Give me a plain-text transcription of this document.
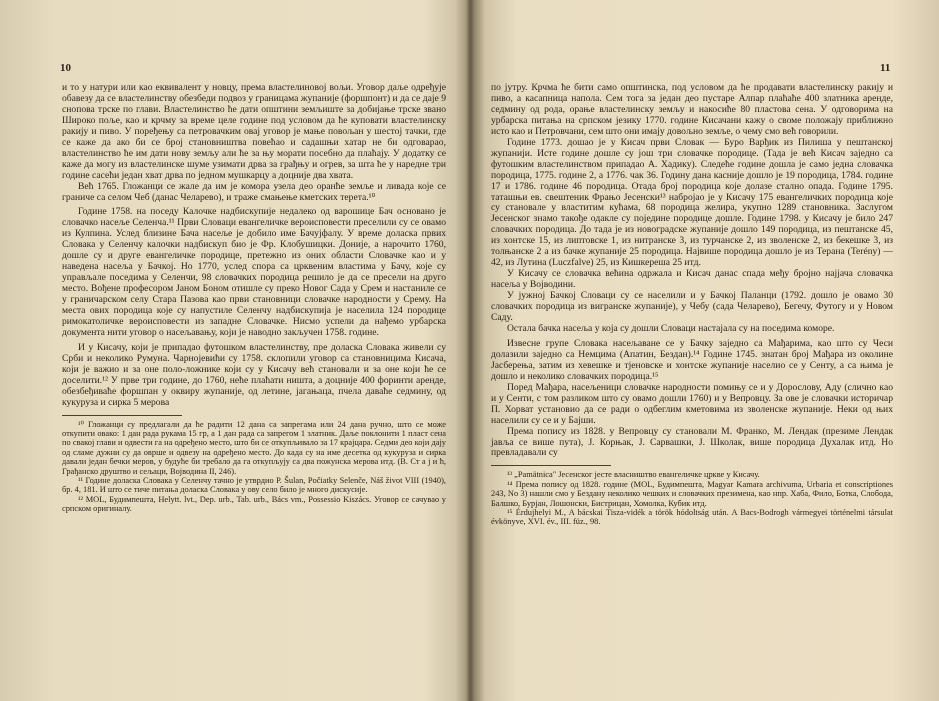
10

и то у натури или као еквивалент у новцу, према властелиновој вољи. Уговор даље одређује обавезу да се властелинству обезбеди подвоз у границама жупаније (форшпонт) и да се даје 9 снопова трске по глави. Властелинство ће дати општини земљиште за добијање трске звано Широко поље, као и крчму за време целе године под условом да ће куповати властелинску ракију и пиво. У поређењу са петровачким овај уговор је мање повољан у шестој тачки, где се каже да ако би се број становништва повећао и садашњи хатар не би одговарао, властелинство ће им дати нову земљу али ће за њу морати посебно да плаћају. У додатку се каже да могу из властелинске шуме узимати дрва за грађњу и огрев, за шта ће у наредне три године сасећи један хват дрва по једном мушкарцу а доцније два хвата.

Већ 1765. Гложанци се жале да им је комора узела део оранће земље и ливада које се граниче са селом Чеб (данас Челарево), и траже смањење кметских терета.¹⁰

Године 1758. на поседу Калочке надбискупије недалеко од варошице Бач основано је словачко насеље Селенча.¹¹ Први Словаци евангеличке вероисповести преселили су се овамо из Кулпина. Услед близине Бача насеље је добило име Бачујфалу. У време доласка првих Словака у Селенчу калочки надбискуп био је Фр. Клобушицки. Доније, а нарочито 1760, дошле су и друге евангеличке породице, претежно из оних области Словачке као и у наведена насеља у Бачкој. Но 1770, услед спора са црквеним властима у Бачу, које су управљале поседима у Селенчи, 98 словачких породица решило је да се пресели на друго место. Вођене професором Јаном Боном отишле су преко Новог Сада у Срем и настаниле се у граничарском селу Стара Пазова као први становници словачке народности у Срему. На места ових породица које су напустиле Селенчу надбискупија је населила 124 породице римокатоличке вероисповести из западне Словачке. Нисмо успели да нађемо урбарска документа нити уговор о насељавању, који је наводно закључен 1758. године.

И у Кисачу, који је припадао футошком властелинству, пре доласка Словака живели су Срби и неколико Румуна. Чарнојевићи су 1758. склопили уговор са становницима Кисача, који је важио и за оне поло-ложнике који су у Кисачу већ становали и за оне који ће се доселити.¹² У прве три године, до 1760, неће плаћати ништа, а доцније 400 форинти аренде, обезбеђиваће форшпан у оквиру жупаније, од летине, јагањаца, пчела даваће седмину, од кукуруза и сирка 5 мерова

¹⁰ Гложанци су предлагали да ће радити 12 дана са запрегама или 24 дана ручно, што се може откупити овако: 1 дан рада рукама 15 гр, а 1 дан рада са запрегом 1 златник. Даље поклонити 1 пласт сена по свакој глави и одвести га на одређено место, што би се откупљивало за 17 крајцара. Седми део који дају од сламе дужни су да овршe и одвезу на одређено место. До када су на име десетка од кукуруза и сирка давали један бечки мерoв, у будуће би требало да га откупљују са два пожунска мерова итд. (В. Ст а ј и ћ, Грађанско друштво и сељаци, Војводина II, 246).

¹¹ Године доласка Словака у Селенчу тачно је утврдио Р. Šulan, Počiatky Selenče, Náš život VIII (1940), бр. 4, 181. И што се тиче питања доласка Словака у ову село било је много дискусије.

¹² MOL, Будимпешта, Helytt. lvt., Dep. urb., Tab. urb., Bács vm., Possessio Kiszács. Уговор се сачувао у српском оригиналу.

11

по јутру. Крчма ће бити само општинска, под условом да ће продавати властелинску ракију и пиво, а касапница напола. Сем тога за један део пустаре Алпар плаћаће 400 златника аренде, седмину од рода, орање властелинску земљу и накосиће 80 пластова сена. У одговорима на урбарска питања на српском језику 1770. године Кисачани кажу о своме положају приближно исто као и Петровчани, сем што они имају довољно земље, о чему смо већ говорили.

Године 1773. дошао је у Кисач први Словак — Буро Варђик из Пилиша у пештанској жупанији. Исте године дошле су још три словачке породице. (Тада је већ Кисач заједно са футошким властелинством припадао А. Хадику). Следеће године дошла је само једна словачка породица, 1775. године 2, а 1776. чак 36. Годину дана касније дошло је 19 породица, 1784. године 17 и 1786. године 46 породица. Отада број породица које долазе стално опада. Године 1795. таташњи ев. свештеник Фрањо Јесенски¹³ набројао је у Кисачу 175 евангеличких породица које су становале у властитим кућама, 68 породица желира, укупно 1289 становника. Заслугом Јесенског знамо такође одакле су поједине породице дошле. Године 1798. у Кисачу је било 247 словачких породица. До тада је из новоградске жупаније дошло 149 породица, из пештанске 45, из хонтске 15, из липтовске 1, из нитранске 3, из турчанске 2, из зволенске 2, из бекешке 3, из толњанске 2 а из бачке жупаније 25 породица. Највише породица дошло је из Терана (Terény) — 42, из Лутина (Luczfalve) 25, из Кишкереша 25 итд.

У Кисачу се словачка већина одржала и Кисач данас спада међу бројно најјача словачка насеља у Војводини.

У јужној Бачкој Словаци су се населили и у Бачкој Паланци (1792. дошло је овамо 30 словачких породица из вигранске жупаније), у Чебу (сада Челарево), Бегечу, Футогу и у Новом Саду.

Остала бачка насеља у која су дошли Словаци настајала су на поседима коморе.

Извесне групе Словака насељаване се у Бачку заједно са Мађарима, као што су Чеси долазили заједно са Немцима (Апатин, Бездан).¹⁴ Године 1745. знатан број Мађара из околине Јасберења, затим из хевешке и тјеновске и хонтске жупаније населио се у Сенту, а са њима је дошло и неколико словачких породица.¹⁵

Поред Мађара, насељеници словачке народности помињу се и у Дорослову, Аду (слично као и у Сенти, с том разликом што су овамо дошли 1760) и у Вепровцу. За ове је словачки историчар П. Хорват установио да се ради о одбеглим кметовима из зволенске жупаније. Неки од њих населили су се и у Бајши.

Према попису из 1828. у Вепровцу су становали М. Франко, М. Лендак (презиме Лендак јавља се више пута), Ј. Корњак, Ј. Сарвашки, Ј. Школак, више породица Духалак итд. Но превладавали су

¹³ „Pamätnica" Јесенског јесте власништво евангеличке цркве у Кисачу.

¹⁴ Према попису од 1828. године (MOL, Будимпешта, Magyar Kamara archivuma, Urbaria et conscriptiones 243, No 3) нашли смо у Бездану неколико чешких и словачких презимена, као нпр. Хаба, Фило, Ботка, Слобода, Балшко, Бурјан, Лошонски, Бистрицан, Хомолка, Кубик итд.

¹⁵ Érdujhelyi M., A bácskai Tisza-vidék a török hódoltság után. A Bacs-Bodrogh vármegyei történelmi társulat évkönyve, XVI. év., III. füz., 98.
